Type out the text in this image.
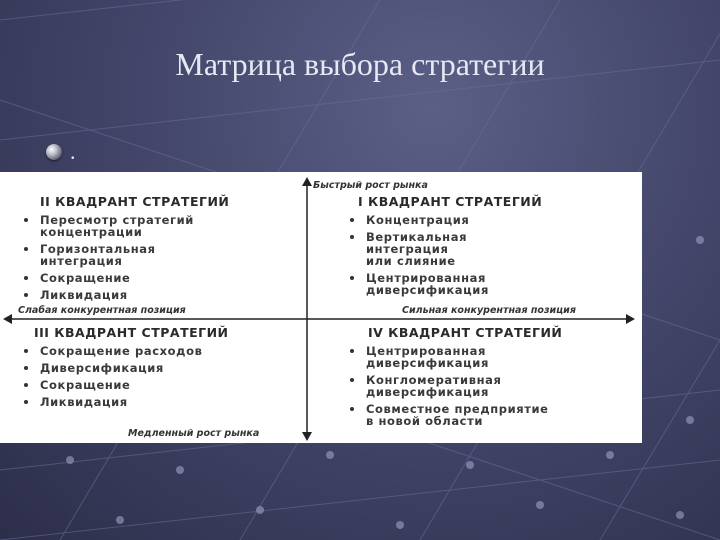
Матрица выбора стратегии
.
Быстрый рост рынка
Медленный рост рынка
Слабая конкурентная позиция	Сильная конкурентная позиция
II КВАДРАНТ СТРАТЕГИЙ
Пересмотр стратегий
концентрации
Горизонтальная
интеграция
Сокращение
Ликвидация
I КВАДРАНТ СТРАТЕГИЙ
Концентрация
Вертикальная
интеграция
или слияние
Центрированная
диверсификация
III КВАДРАНТ СТРАТЕГИЙ
Сокращение расходов
Диверсификация
Сокращение
Ликвидация
IV КВАДРАНТ СТРАТЕГИЙ
Центрированная
диверсификация
Конгломеративная
диверсификация
Совместное предприятие
в новой области
